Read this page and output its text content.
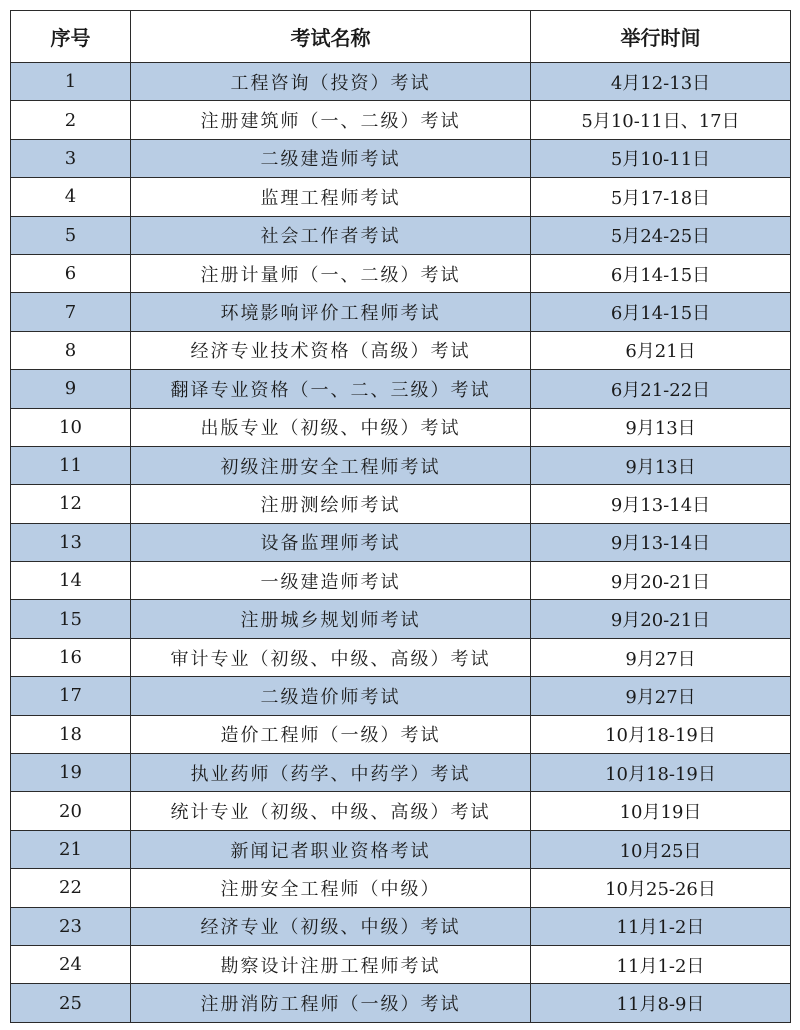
序号	考试名称	举行时间
1	工程咨询（投资）考试	4月12-13日
2	注册建筑师（一、二级）考试	5月10-11日、17日
3	二级建造师考试	5月10-11日
4	监理工程师考试	5月17-18日
5	社会工作者考试	5月24-25日
6	注册计量师（一、二级）考试	6月14-15日
7	环境影响评价工程师考试	6月14-15日
8	经济专业技术资格（高级）考试	6月21日
9	翻译专业资格（一、二、三级）考试	6月21-22日
10	出版专业（初级、中级）考试	9月13日
11	初级注册安全工程师考试	9月13日
12	注册测绘师考试	9月13-14日
13	设备监理师考试	9月13-14日
14	一级建造师考试	9月20-21日
15	注册城乡规划师考试	9月20-21日
16	审计专业（初级、中级、高级）考试	9月27日
17	二级造价师考试	9月27日
18	造价工程师（一级）考试	10月18-19日
19	执业药师（药学、中药学）考试	10月18-19日
20	统计专业（初级、中级、高级）考试	10月19日
21	新闻记者职业资格考试	10月25日
22	注册安全工程师（中级）	10月25-26日
23	经济专业（初级、中级）考试	11月1-2日
24	勘察设计注册工程师考试	11月1-2日
25	注册消防工程师（一级）考试	11月8-9日
